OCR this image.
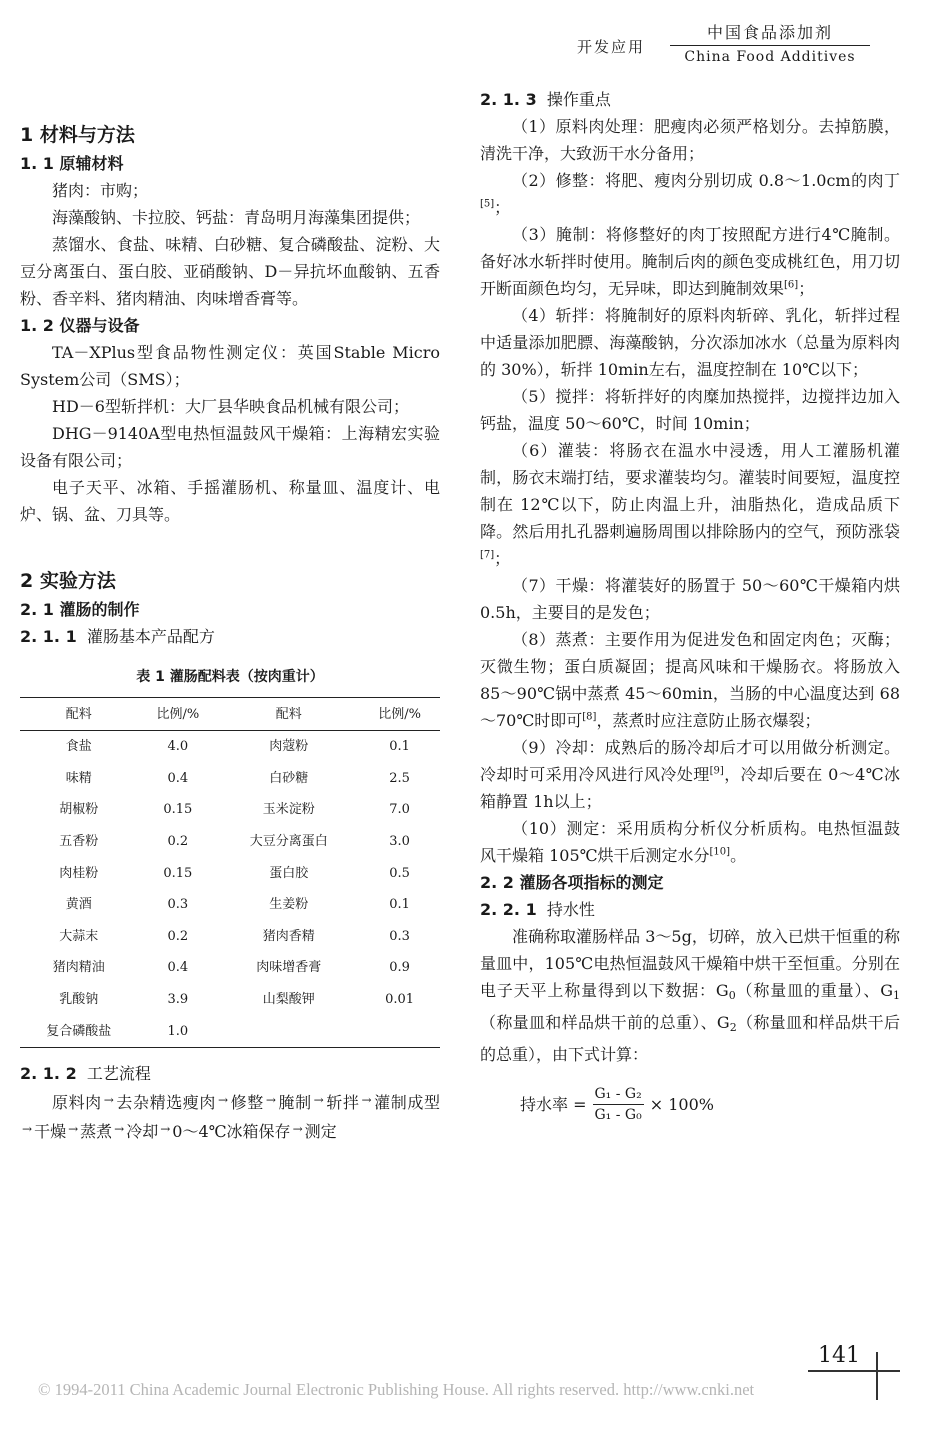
开发应用
中国食品添加剂
China Food Additives
1 材料与方法
1. 1 原辅材料

猪肉：市购；

海藻酸钠、卡拉胶、钙盐：青岛明月海藻集团提供；

蒸馏水、食盐、味精、白砂糖、复合磷酸盐、淀粉、大豆分离蛋白、蛋白胶、亚硝酸钠、D－异抗坏血酸钠、五香粉、香辛料、猪肉精油、肉味增香膏等。

1. 2 仪器与设备

TA－XPlus型食品物性测定仪：英国Stable Micro System公司（SMS）；

HD－6型斩拌机：大厂县华映食品机械有限公司；

DHG－9140A型电热恒温鼓风干燥箱：上海精宏实验设备有限公司；

电子天平、冰箱、手摇灌肠机、称量皿、温度计、电炉、锅、盆、刀具等。

2 实验方法
2. 1 灌肠的制作
2. 1. 1 灌肠基本产品配方
表 1 灌肠配料表（按肉重计）
配料	比例/%	配料	比例/%
食盐	4.0	肉蔻粉	0.1
味精	0.4	白砂糖	2.5
胡椒粉	0.15	玉米淀粉	7.0
五香粉	0.2	大豆分离蛋白	3.0
肉桂粉	0.15	蛋白胶	0.5
黄酒	0.3	生姜粉	0.1
大蒜末	0.2	猪肉香精	0.3
猪肉精油	0.4	肉味增香膏	0.9
乳酸钠	3.9	山梨酸钾	0.01
复合磷酸盐	1.0		
2. 1. 2 工艺流程

原料肉 → 去杂精选瘦肉 → 修整 → 腌制 → 斩拌 → 灌制成型→ 干燥 → 蒸煮 → 冷却 → 0～4℃冰箱保存 → 测定

2. 1. 3 操作重点

（1）原料肉处理：肥瘦肉必须严格划分。去掉筋膜，清洗干净，大致沥干水分备用；

（2）修整：将肥、瘦肉分别切成 0.8～1.0cm的肉丁[5]；

（3）腌制：将修整好的肉丁按照配方进行4℃腌制。备好冰水斩拌时使用。腌制后肉的颜色变成桃红色，用刀切开断面颜色均匀，无异味，即达到腌制效果[6]；

（4）斩拌：将腌制好的原料肉斩碎、乳化，斩拌过程中适量添加肥膘、海藻酸钠，分次添加冰水（总量为原料肉的 30%），斩拌 10min左右，温度控制在 10℃以下；

（5）搅拌：将斩拌好的肉糜加热搅拌，边搅拌边加入钙盐，温度 50～60℃，时间 10min；

（6）灌装：将肠衣在温水中浸透，用人工灌肠机灌制，肠衣末端打结，要求灌装均匀。灌装时间要短，温度控制在 12℃以下，防止肉温上升，油脂热化，造成品质下降。然后用扎孔器刺遍肠周围以排除肠内的空气，预防涨袋[7]；

（7）干燥：将灌装好的肠置于 50～60℃干燥箱内烘 0.5h，主要目的是发色；

（8）蒸煮：主要作用为促进发色和固定肉色；灭酶；灭微生物；蛋白质凝固；提高风味和干燥肠衣。将肠放入 85～90℃锅中蒸煮 45～60min，当肠的中心温度达到 68～70℃时即可[8]，蒸煮时应注意防止肠衣爆裂；

（9）冷却：成熟后的肠冷却后才可以用做分析测定。冷却时可采用冷风进行风冷处理[9]，冷却后要在 0～4℃冰箱静置 1h以上；

（10）测定：采用质构分析仪分析质构。电热恒温鼓风干燥箱 105℃烘干后测定水分[10]。

2. 2 灌肠各项指标的测定
2. 2. 1 持水性

准确称取灌肠样品 3～5g，切碎，放入已烘干恒重的称量皿中，105℃电热恒温鼓风干燥箱中烘干至恒重。分别在电子天平上称量得到以下数据：$G_0$（称量皿的重量）、$G_1$（称量皿和样品烘干前的总重）、$G_2$（称量皿和样品烘干后的总重），由下式计算：

持水率 = $\frac{\text{G₁ - G₂}}{\text{G₁ - G₀}} \times 100\%$
141
© 1994-2011 China Academic Journal Electronic Publishing House. All rights reserved. http://www.cnki.net
